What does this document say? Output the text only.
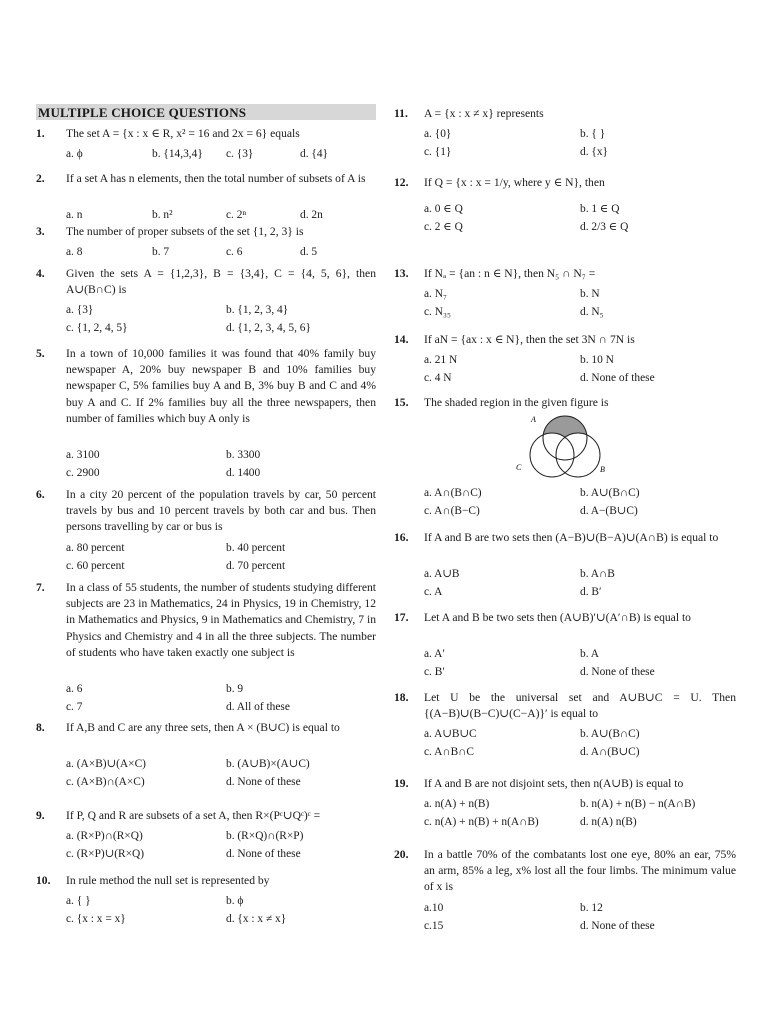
MULTIPLE CHOICE QUESTIONS
1. The set A = {x : x ∈ R, x² = 16 and 2x = 6} equals
a. ϕ	b. {14,3,4} c. {3}	d. {4}
2. If a set A has n elements, then the total number of subsets of A is
a. n	b. n²	c. 2ⁿ	d. 2n
3. The number of proper subsets of the set {1, 2, 3} is
a. 8	b. 7	c. 6	d. 5
4. Given the sets A = {1,2,3}, B = {3,4}, C = {4, 5, 6}, then A∪(B∩C) is
a. {3}	b. {1, 2, 3, 4}
c. {1, 2, 4, 5}	d. {1, 2, 3, 4, 5, 6}
5. In a town of 10,000 families it was found that 40% family buy newspaper A, 20% buy newspaper B and 10% families buy newspaper C, 5% families buy A and B, 3% buy B and C and 4% buy A and C. If 2% families buy all the three newspapers, then number of families which buy A only is
a. 3100	b. 3300
c. 2900	d. 1400
6. In a city 20 percent of the population travels by car, 50 percent travels by bus and 10 percent travels by both car and bus. Then persons travelling by car or bus is
a. 80 percent	b. 40 percent
c. 60 percent	d. 70 percent
7. In a class of 55 students, the number of students studying different subjects are 23 in Mathematics, 24 in Physics, 19 in Chemistry, 12 in Mathematics and Physics, 9 in Mathematics and Chemistry, 7 in Physics and Chemistry and 4 in all the three subjects. The number of students who have taken exactly one subject is
a. 6	b. 9
c. 7	d. All of these
8. If A,B and C are any three sets, then A × (B∪C) is equal to
a. (A×B)∪(A×C)	b. (A∪B)×(A∪C)
c. (A×B)∩(A×C)	d. None of these
9. If P, Q and R are subsets of a set A, then R×(Pᶜ∪Qᶜ)ᶜ =
a. (R×P)∩(R×Q)	b. (R×Q)∩(R×P)
c. (R×P)∪(R×Q)	d. None of these
10. In rule method the null set is represented by
a. { }	b. ϕ
c. {x : x = x}	d. {x : x ≠ x}
11. A = {x : x ≠ x} represents
a. {0}	b. { }
c. {1}	d. {x}
12. If Q = {x : x = 1/y, where y ∈ N}, then
a. 0 ∈ Q	b. 1 ∈ Q
c. 2 ∈ Q	d. 2/3 ∈ Q
13. If Nₐ = {an : n ∈ N}, then N₅ ∩ N₇ =
a. N₇	b. N
c. N₃₅	d. N₅
14. If aN = {ax : x ∈ N}, then the set 3N ∩ 7N is
a. 21 N	b. 10 N
c. 4 N	d. None of these
15. The shaded region in the given figure is
a. A∩(B∩C)	b. A∪(B∩C)
c. A∩(B−C)	d. A−(B∪C)
16. If A and B are two sets then (A−B)∪(B−A)∪(A∩B) is equal to
a. A∪B	b. A∩B
c. A	d. B′
17. Let A and B be two sets then (A∪B)′∪(A′∩B) is equal to
a. A′	b. A
c. B′	d. None of these
18. Let U be the universal set and A∪B∪C = U. Then {(A−B)∪(B−C)∪(C−A)}′ is equal to
a. A∪B∪C	b. A∪(B∩C)
c. A∩B∩C	d. A∩(B∪C)
19. If A and B are not disjoint sets, then n(A∪B) is equal to
a. n(A) + n(B)	b. n(A) + n(B) − n(A∩B)
c. n(A) + n(B) + n(A∩B)	d. n(A) n(B)
20. In a battle 70% of the combatants lost one eye, 80% an ear, 75% an arm, 85% a leg, x% lost all the four limbs. The minimum value of x is
a.10	b. 12
c.15	d. None of these
A
C	B
